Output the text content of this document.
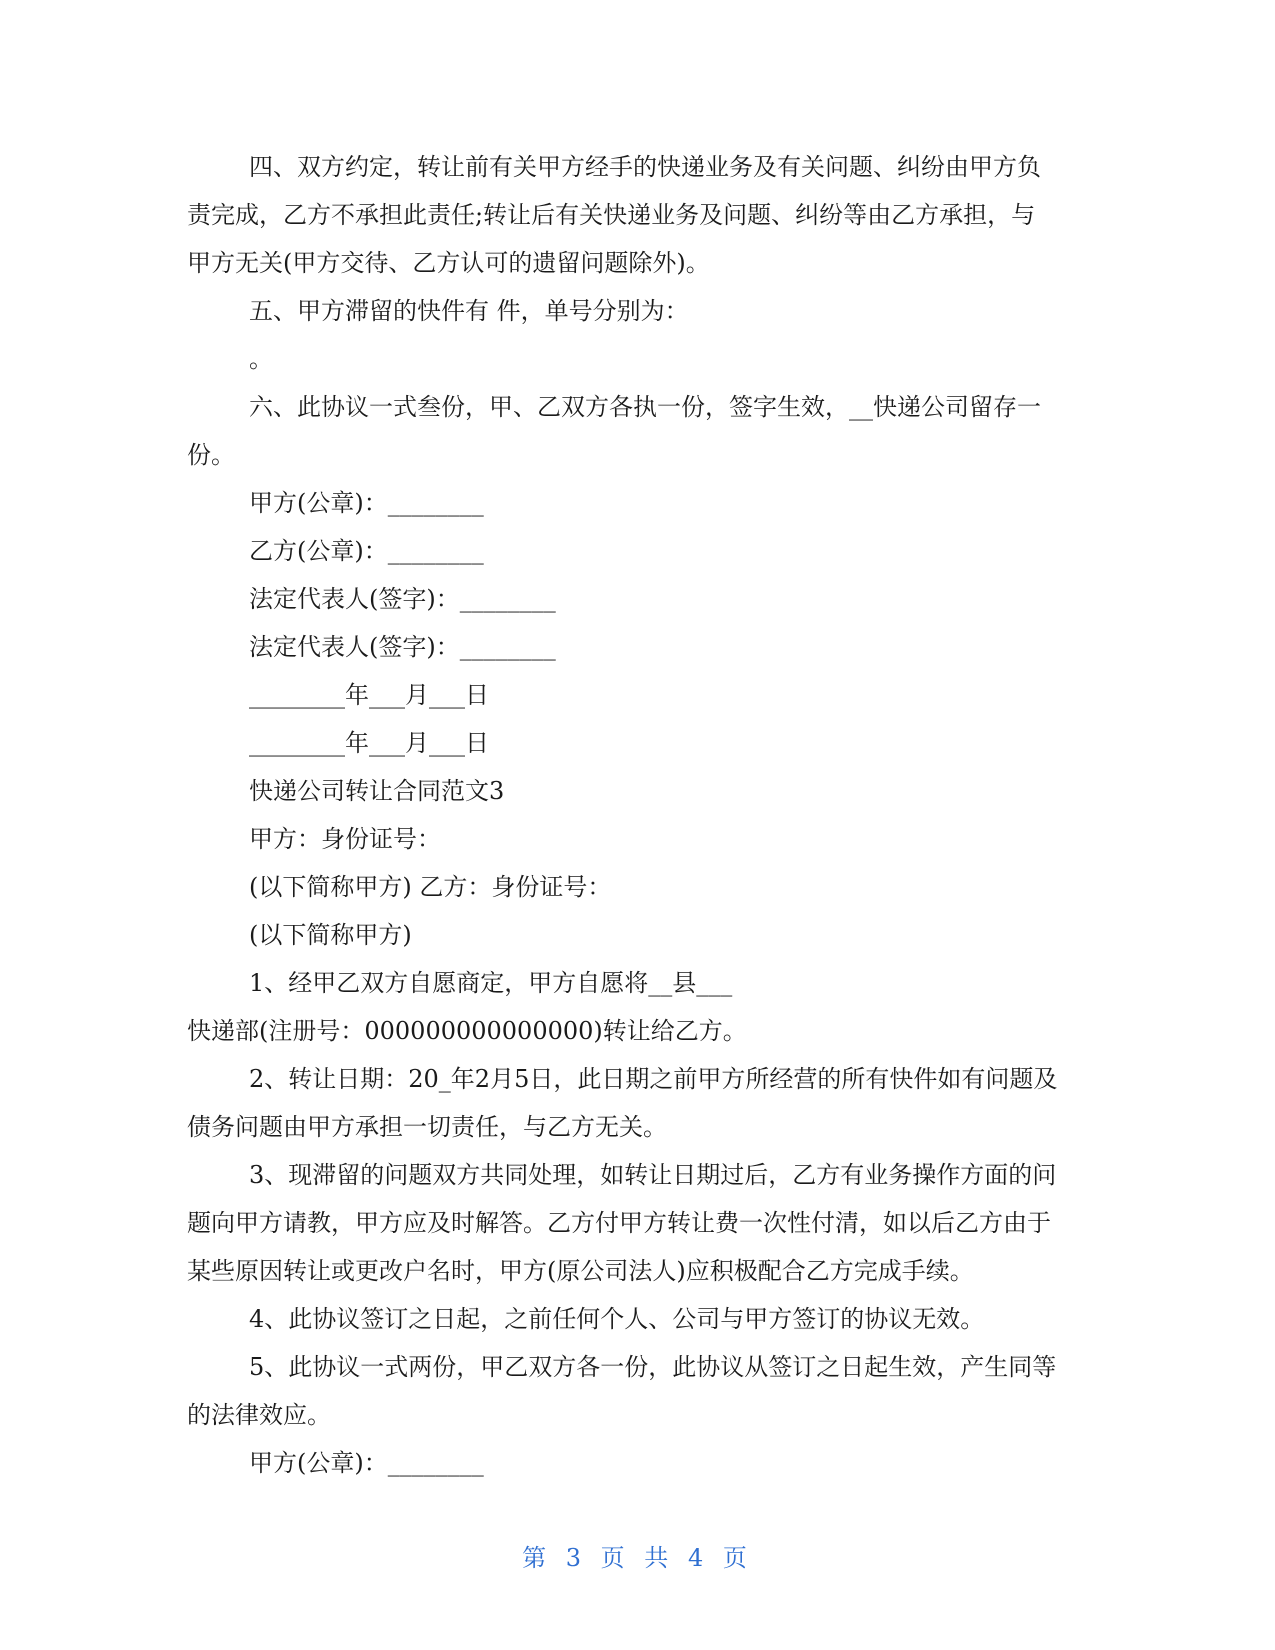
四、双方约定，转让前有关甲方经手的快递业务及有关问题、纠纷由甲方负

责完成，乙方不承担此责任;转让后有关快递业务及问题、纠纷等由乙方承担，与

甲方无关(甲方交待、乙方认可的遗留问题除外)。

五、甲方滞留的快件有 件，单号分别为：

。

六、此协议一式叁份，甲、乙双方各执一份，签字生效，__快递公司留存一

份。

甲方(公章)：________

乙方(公章)：________

法定代表人(签字)：________

法定代表人(签字)：________

________年___月___日

________年___月___日

快递公司转让合同范文3

甲方：身份证号：

(以下简称甲方) 乙方：身份证号：

(以下简称甲方)

1、经甲乙双方自愿商定，甲方自愿将__县___

快递部(注册号：000000000000000)转让给乙方。

2、转让日期：20_年2月5日，此日期之前甲方所经营的所有快件如有问题及

债务问题由甲方承担一切责任，与乙方无关。

3、现滞留的问题双方共同处理，如转让日期过后，乙方有业务操作方面的问

题向甲方请教，甲方应及时解答。乙方付甲方转让费一次性付清，如以后乙方由于

某些原因转让或更改户名时，甲方(原公司法人)应积极配合乙方完成手续。

4、此协议签订之日起，之前任何个人、公司与甲方签订的协议无效。

5、此协议一式两份，甲乙双方各一份，此协议从签订之日起生效，产生同等

的法律效应。

甲方(公章)：________

第 3 页 共 4 页
